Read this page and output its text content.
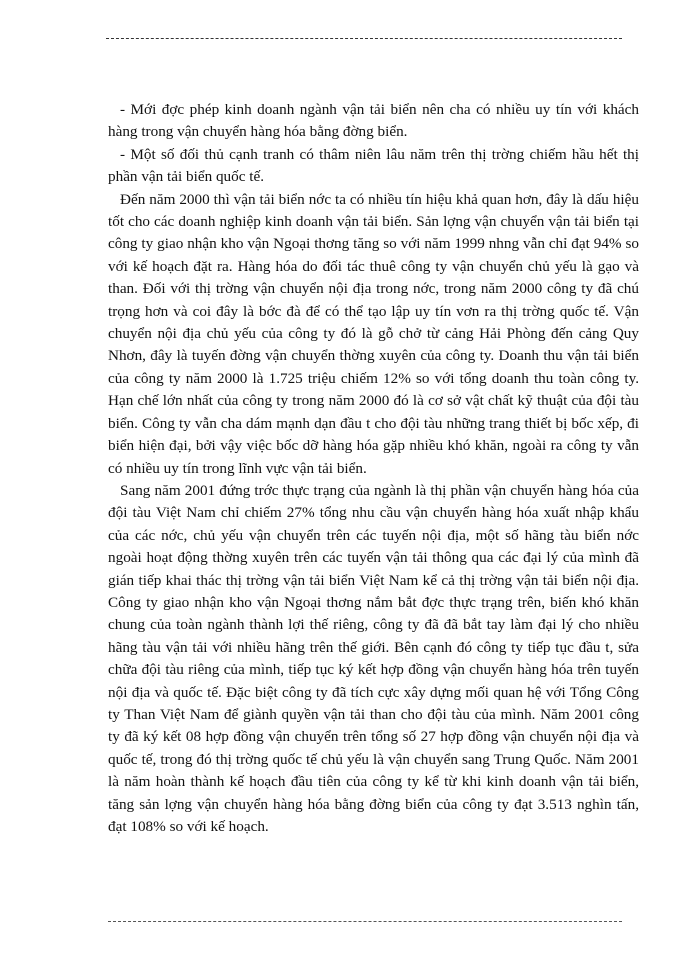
- Mới đợc phép kinh doanh ngành vận tải biển nên cha có nhiều uy tín với khách hàng trong vận chuyển hàng hóa bằng đờng biển.

- Một số đối thủ cạnh tranh có thâm niên lâu năm trên thị trờng chiếm hầu hết thị phần vận tải biển quốc tế.

Đến năm 2000 thì vận tải biển nớc ta có nhiều tín hiệu khả quan hơn, đây là dấu hiệu tốt cho các doanh nghiệp kinh doanh vận tải biển. Sản lợng vận chuyển vận tải biển tại công ty giao nhận kho vận Ngoại thơng tăng so với năm 1999 nhng vẫn chỉ đạt 94% so với kế hoạch đặt ra. Hàng hóa do đối tác thuê công ty vận chuyển chủ yếu là gạo và than. Đối với thị trờng vận chuyển nội địa trong nớc, trong năm 2000 công ty đã chú trọng hơn và coi đây là bớc đà để có thể tạo lập uy tín vơn ra thị trờng quốc tế. Vận chuyển nội địa chủ yếu của công ty đó là gỗ chở từ cảng Hải Phòng đến cảng Quy Nhơn, đây là tuyến đờng vận chuyển thờng xuyên của công ty. Doanh thu vận tải biển của công ty năm 2000 là 1.725 triệu chiếm 12% so với tổng doanh thu toàn công ty. Hạn chế lớn nhất của công ty trong năm 2000 đó là cơ sở vật chất kỹ thuật của đội tàu biển. Công ty vẫn cha dám mạnh dạn đầu t cho đội tàu những trang thiết bị bốc xếp, đi biển hiện đại, bởi vậy việc bốc dỡ hàng hóa gặp nhiều khó khăn, ngoài ra công ty vẫn có nhiều uy tín trong lĩnh vực vận tải biển.

Sang năm 2001 đứng trớc thực trạng của ngành là thị phần vận chuyển hàng hóa của đội tàu Việt Nam chỉ chiếm 27% tổng nhu cầu vận chuyển hàng hóa xuất nhập khẩu của các nớc, chủ yếu vận chuyển trên các tuyến nội địa, một số hãng tàu biển nớc ngoài hoạt động thờng xuyên trên các tuyến vận tải thông qua các đại lý của mình đã gián tiếp khai thác thị trờng vận tải biển Việt Nam kể cả thị trờng vận tải biển nội địa. Công ty giao nhận kho vận Ngoại thơng nắm bắt đợc thực trạng trên, biến khó khăn chung của toàn ngành thành lợi thế riêng, công ty đã đã bắt tay làm đại lý cho nhiều hãng tàu vận tải với nhiều hãng trên thế giới. Bên cạnh đó công ty tiếp tục đầu t, sửa chữa đội tàu riêng của mình, tiếp tục ký kết hợp đồng vận chuyển hàng hóa trên tuyến nội địa và quốc tế. Đặc biệt công ty đã tích cực xây dựng mối quan hệ với Tổng Công ty Than Việt Nam để giành quyền vận tải than cho đội tàu của mình. Năm 2001 công ty đã ký kết 08 hợp đồng vận chuyển trên tổng số 27 hợp đồng vận chuyển nội địa và quốc tế, trong đó thị trờng quốc tế chủ yếu là vận chuyển sang Trung Quốc. Năm 2001 là năm hoàn thành kế hoạch đầu tiên của công ty kể từ khi kinh doanh vận tải biển, tăng sản lợng vận chuyển hàng hóa bằng đờng biển của công ty đạt 3.513 nghìn tấn, đạt 108% so với kế hoạch.
